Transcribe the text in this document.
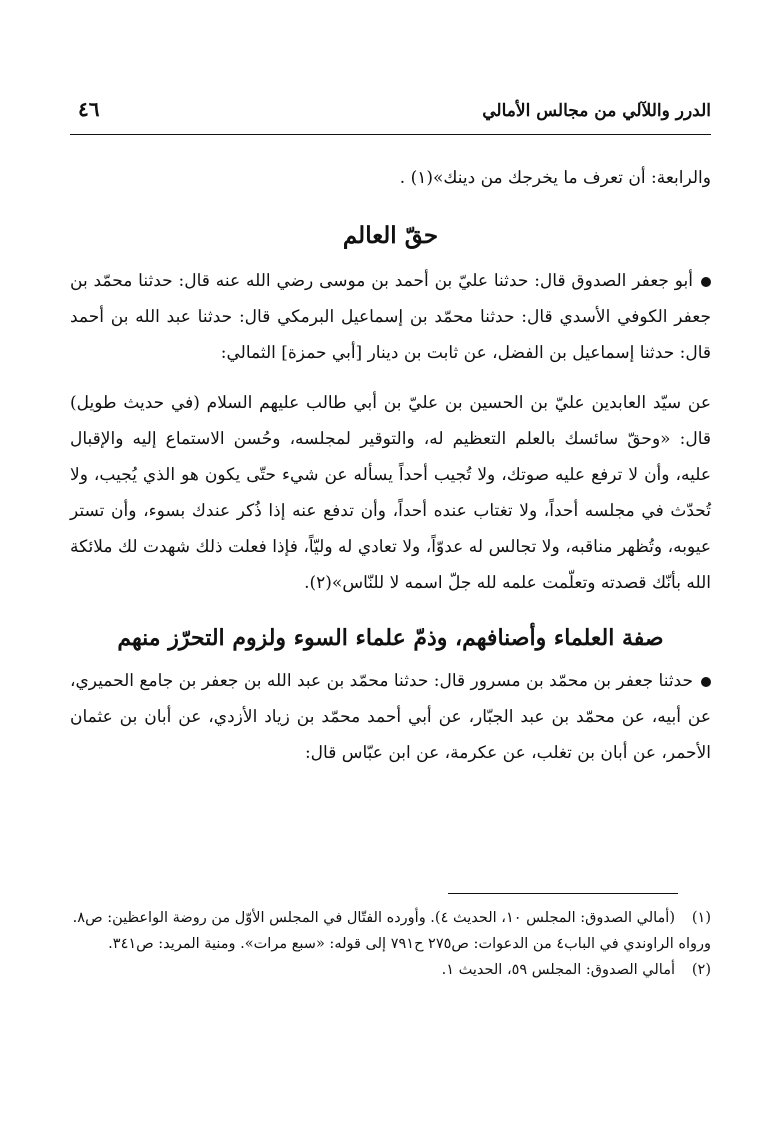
الدرر واللآلي من مجالس الأمالي
٤٦

والرابعة: أن تعرف ما يخرجك من دينك»(١) .

حقّ العالم

أبو جعفر الصدوق قال: حدثنا عليّ بن أحمد بن موسى رضي الله عنه قال: حدثنا محمّد بن جعفر الكوفي الأسدي قال: حدثنا محمّد بن إسماعيل البرمكي قال: حدثنا عبد الله بن أحمد قال: حدثنا إسماعيل بن الفضل، عن ثابت بن دينار [أبي حمزة] الثمالي:

عن سيّد العابدين عليّ بن الحسين بن عليّ بن أبي طالب عليهم السلام (في حديث طويل) قال: «وحقّ سائسك بالعلم التعظيم له، والتوقير لمجلسه، وحُسن الاستماع إليه والإقبال عليه، وأن لا ترفع عليه صوتك، ولا تُجيب أحداً يسأله عن شيء حتّى يكون هو الذي يُجيب، ولا تُحدّث في مجلسه أحداً، ولا تغتاب عنده أحداً، وأن تدفع عنه إذا ذُكر عندك بسوء، وأن تستر عيوبه، وتُظهر مناقبه، ولا تجالس له عدوّاً، ولا تعادي له وليّاً، فإذا فعلت ذلك شهدت لك ملائكة الله بأنّك قصدته وتعلّمت علمه لله جلّ اسمه لا للنّاس»(٢).

صفة العلماء وأصنافهم، وذمّ علماء السوء ولزوم التحرّز منهم

حدثنا جعفر بن محمّد بن مسرور قال: حدثنا محمّد بن عبد الله بن جعفر بن جامع الحميري، عن أبيه، عن محمّد بن عبد الجبّار، عن أبي أحمد محمّد بن زياد الأزدي، عن أبان بن عثمان الأحمر، عن أبان بن تغلب، عن عكرمة، عن ابن عبّاس قال:

(١)
(أمالي الصدوق: المجلس ١٠، الحديث ٤). وأورده الفتّال في المجلس الأوّل من روضة الواعظين: ص٨.
ورواه الراوندي في الباب٤ من الدعوات: ص٢٧٥ ح٧٩١ إلى قوله: «سبع مرات». ومنية المريد: ص٣٤١.
(٢)
أمالي الصدوق: المجلس ٥٩، الحديث ١.
